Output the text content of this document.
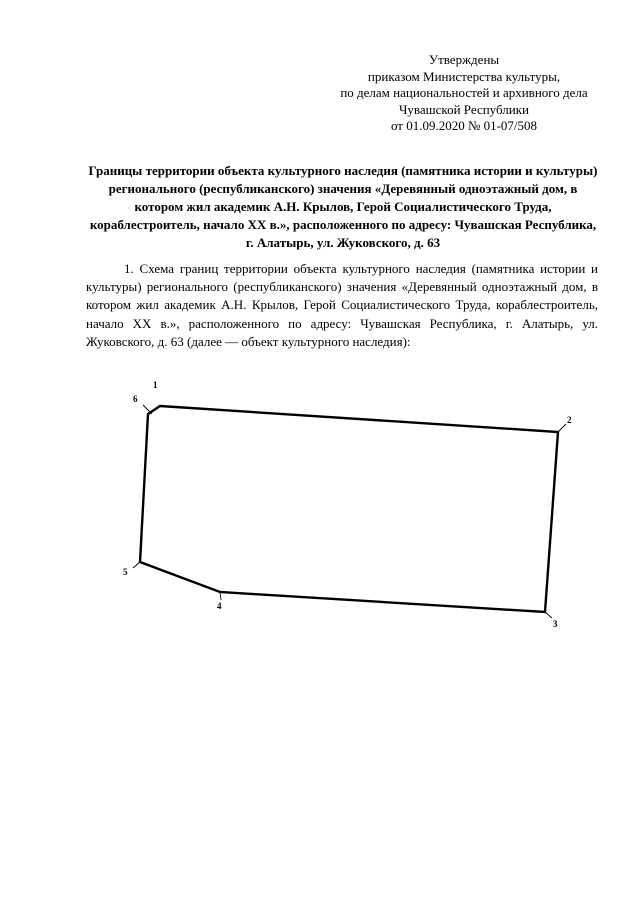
Утверждены
приказом Министерства культуры,
по делам национальностей и архивного дела
Чувашской Республики
от 01.09.2020 № 01-07/508
Границы территории объекта культурного наследия (памятника истории и культуры) регионального (республиканского) значения «Деревянный одноэтажный дом, в котором жил академик А.Н. Крылов, Герой Социалистического Труда, кораблестроитель, начало XX в.», расположенного по адресу: Чувашская Республика, г. Алатырь, ул. Жуковского, д. 63

1. Схема границ территории объекта культурного наследия (памятника истории и культуры) регионального (республиканского) значения «Деревянный одноэтажный дом, в котором жил академик А.Н. Крылов, Герой Социалистического Труда, кораблестроитель, начало XX в.», расположенного по адресу: Чувашская Республика, г. Алатырь, ул. Жуковского, д. 63 (далее — объект культурного наследия):

1
2
3
4
5
6
